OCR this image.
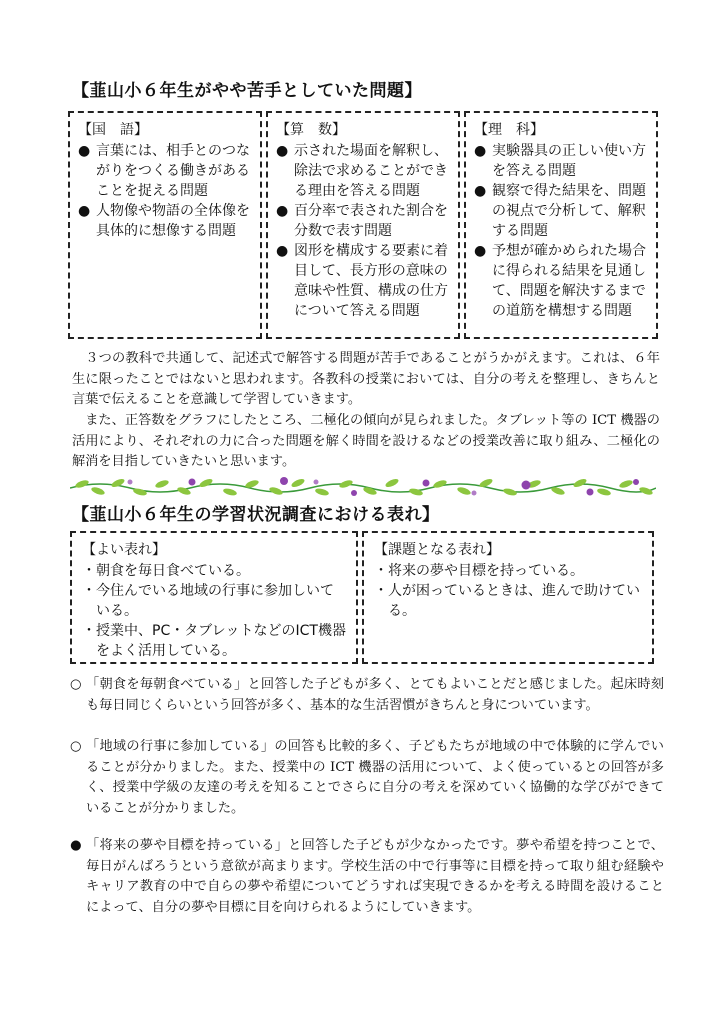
【韮山小６年生がやや苦手としていた問題】
【国　語】
● 言葉には、相手とのつながりをつくる働きがあることを捉える問題
● 人物像や物語の全体像を具体的に想像する問題
【算　数】
● 示された場面を解釈し、除法で求めることができる理由を答える問題
● 百分率で表された割合を分数で表す問題
● 図形を構成する要素に着目して、長方形の意味の意味や性質、構成の仕方について答える問題
【理　科】
● 実験器具の正しい使い方を答える問題
● 観察で得た結果を、問題の視点で分析して、解釈する問題
● 予想が確かめられた場合に得られる結果を見通して、問題を解決するまでの道筋を構想する問題
３つの教科で共通して、記述式で解答する問題が苦手であることがうかがえます。これは、６年生に限ったことではないと思われます。各教科の授業においては、自分の考えを整理し、きちんと言葉で伝えることを意識して学習していきます。
また、正答数をグラフにしたところ、二極化の傾向が見られました。タブレット等の ICT 機器の活用により、それぞれの力に合った問題を解く時間を設けるなどの授業改善に取り組み、二極化の解消を目指していきたいと思います。
【韮山小６年生の学習状況調査における表れ】
【よい表れ】
・ 朝食を毎日食べている。
・ 今住んでいる地域の行事に参加しいている。
・ 授業中、PC・タブレットなどのICT機器をよく活用している。
【課題となる表れ】
・ 将来の夢や目標を持っている。
・ 人が困っているときは、進んで助けている。
○ 「朝食を毎朝食べている」と回答した子どもが多く、とてもよいことだと感じました。起床時刻も毎日同じくらいという回答が多く、基本的な生活習慣がきちんと身についています。
○ 「地域の行事に参加している」の回答も比較的多く、子どもたちが地域の中で体験的に学んでいることが分かりました。また、授業中の ICT 機器の活用について、よく使っているとの回答が多く、授業中学級の友達の考えを知ることでさらに自分の考えを深めていく協働的な学びができていることが分かりました。
● 「将来の夢や目標を持っている」と回答した子どもが少なかったです。夢や希望を持つことで、毎日がんばろうという意欲が高まります。学校生活の中で行事等に目標を持って取り組む経験やキャリア教育の中で自らの夢や希望についてどうすれば実現できるかを考える時間を設けることによって、自分の夢や目標に目を向けられるようにしていきます。
